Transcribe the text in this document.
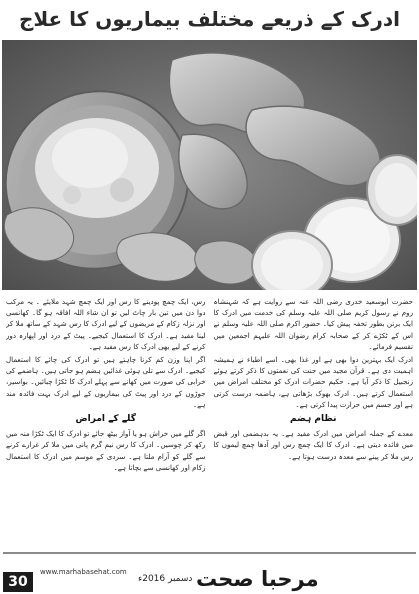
ادرک کے ذریعے مختلف بیماریوں کا علاج

رس، ایک چمچ پودینے کا رس اور ایک چمچ شہد ملایئے ۔ یہ مرکب دوا دن میں تین بار چاٹ لیں تو ان شاء اللہ افاقہ ہو گا۔ کھانسی اور نزلہ زکام کے مریضوں کے لیے ادرک کا رس شہد کے ساتھ ملا کر لینا مفید ہے۔ ادرک کا استعمال کیجیے۔ پیٹ کے درد اور اپھارہ دور کرنے کے لیے بھی ادرک کا رس مفید ہے۔

اگر اپنا وزن کم کرنا چاہتے ہیں تو ادرک کی چائے کا استعمال کیجیے۔ ادرک سے تلی ہوئی غذائیں ہضم ہو جاتی ہیں۔ ہاضمے کی خرابی کی صورت میں کھانے سے پہلے ادرک کا ٹکڑا چبائیں۔ بواسیر، جوڑوں کے درد اور پیٹ کی بیماریوں کے لیے ادرک بہت فائدہ مند ہے۔

گلے کے امراض

اگر گلے میں خراش ہو یا آواز بیٹھ جائے تو ادرک کا ایک ٹکڑا منہ میں رکھ کر چوسیں۔ ادرک کا رس نیم گرم پانی میں ملا کر غرارے کرنے سے گلے کو آرام ملتا ہے۔ سردی کے موسم میں ادرک کا استعمال زکام اور کھانسی سے بچاتا ہے۔

حضرت ابوسعید خدری رضی اللہ عنہ سے روایت ہے کہ شہنشاہ روم نے رسول کریم صلی اللہ علیہ وسلم کی خدمت میں ادرک کا ایک برتن بطور تحفہ پیش کیا۔ حضور اکرم صلی اللہ علیہ وسلم نے اس کے ٹکڑے کر کے صحابہ کرام رضوان اللہ علیہم اجمعین میں تقسیم فرمائے۔

ادرک ایک بہترین دوا بھی ہے اور غذا بھی۔ اسے اطباء نے ہمیشہ اہمیت دی ہے۔ قرآن مجید میں جنت کی نعمتوں کا ذکر کرتے ہوئے زنجبیل کا ذکر آیا ہے۔ حکیم حضرات ادرک کو مختلف امراض میں استعمال کرتے ہیں۔ ادرک بھوک بڑھاتی ہے، ہاضمہ درست کرتی ہے اور جسم میں حرارت پیدا کرتی ہے۔

نظام ہضم

معدے کے جملہ امراض میں ادرک مفید ہے۔ یہ بدہضمی اور قبض میں فائدہ دیتی ہے۔ ادرک کا ایک چمچ رس اور آدھا چمچ لیموں کا رس ملا کر پینے سے معدہ درست ہوتا ہے۔

30
www.marhabasehat.com
دسمبر 2016ء مرحبا صحت
